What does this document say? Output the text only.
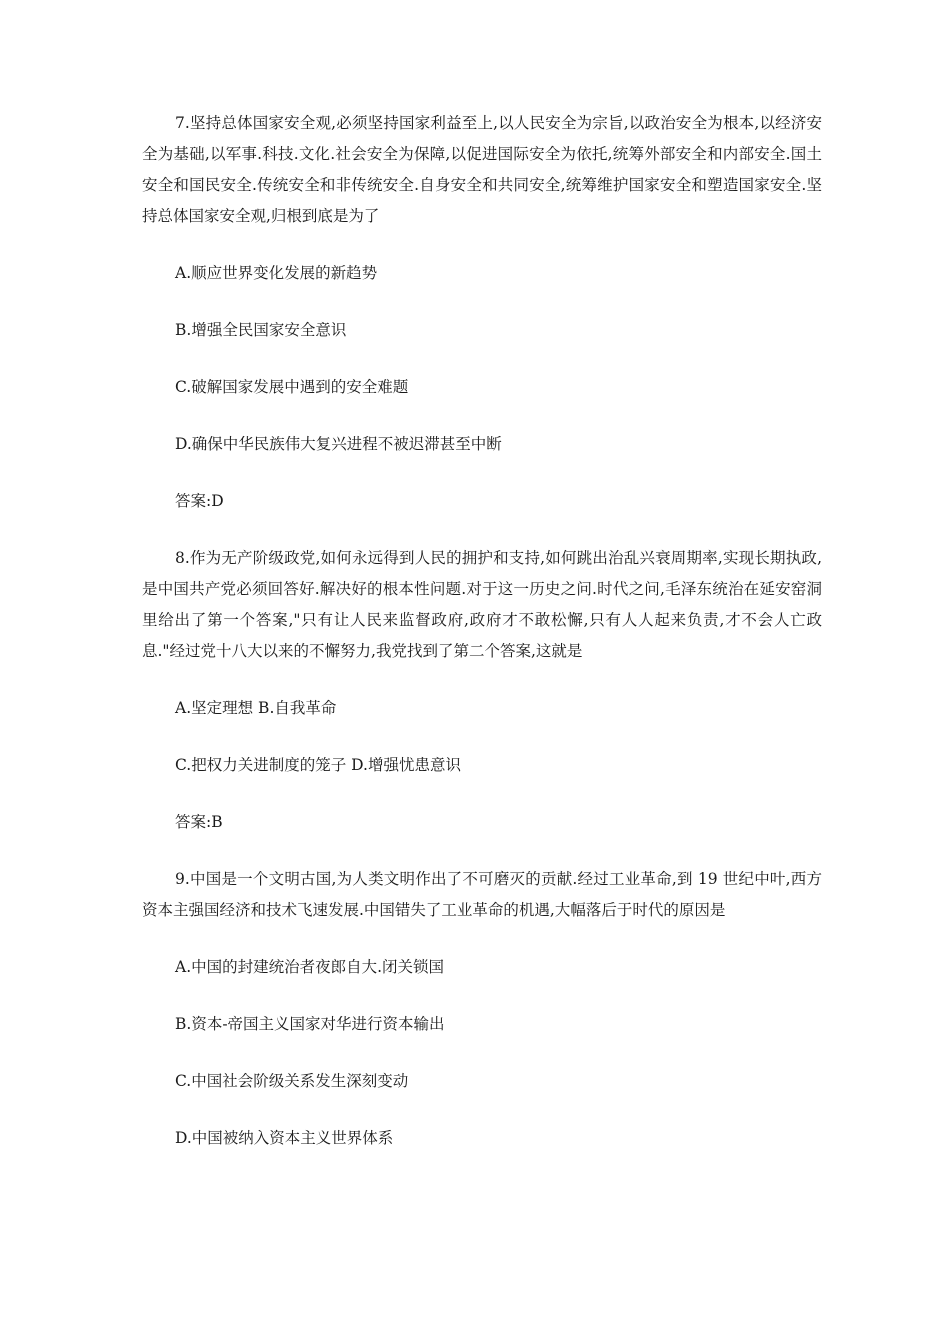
7.坚持总体国家安全观,必须坚持国家利益至上,以人民安全为宗旨,以政治安全为根本,以经济安全为基础,以军事.科技.文化.社会安全为保障,以促进国际安全为依托,统筹外部安全和内部安全.国土安全和国民安全.传统安全和非传统安全.自身安全和共同安全,统筹维护国家安全和塑造国家安全.坚持总体国家安全观,归根到底是为了

A.顺应世界变化发展的新趋势

B.增强全民国家安全意识

C.破解国家发展中遇到的安全难题

D.确保中华民族伟大复兴进程不被迟滞甚至中断

答案:D

8.作为无产阶级政党,如何永远得到人民的拥护和支持,如何跳出治乱兴衰周期率,实现长期执政,是中国共产党必须回答好.解决好的根本性问题.对于这一历史之问.时代之问,毛泽东统治在延安窑洞里给出了第一个答案,"只有让人民来监督政府,政府才不敢松懈,只有人人起来负责,才不会人亡政息."经过党十八大以来的不懈努力,我党找到了第二个答案,这就是

A.坚定理想 B.自我革命

C.把权力关进制度的笼子 D.增强忧患意识

答案:B

9.中国是一个文明古国,为人类文明作出了不可磨灭的贡献.经过工业革命,到 19 世纪中叶,西方资本主强国经济和技术飞速发展.中国错失了工业革命的机遇,大幅落后于时代的原因是

A.中国的封建统治者夜郎自大.闭关锁国

B.资本-帝国主义国家对华进行资本输出

C.中国社会阶级关系发生深刻变动

D.中国被纳入资本主义世界体系
